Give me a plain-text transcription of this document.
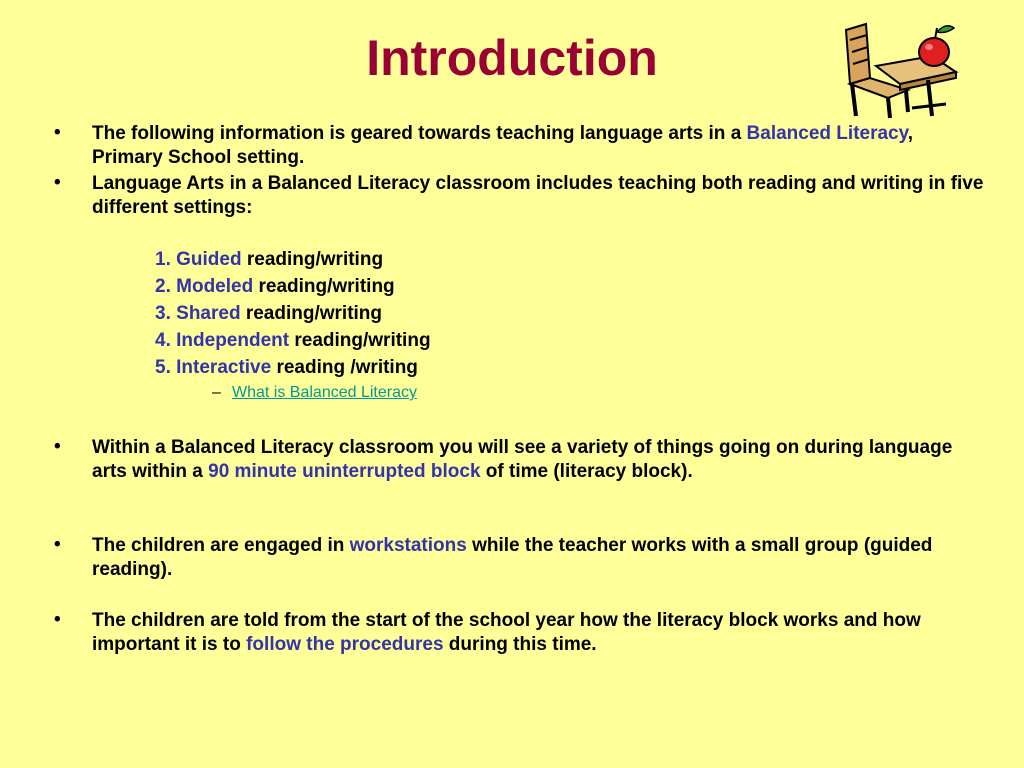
Introduction
• The following information is geared towards teaching language arts in a Balanced Literacy, Primary School setting.
• Language Arts in a Balanced Literacy classroom includes teaching both reading and writing in five different settings:
1. Guided reading/writing
2. Modeled reading/writing
3. Shared reading/writing
4. Independent reading/writing
5. Interactive reading /writing
– What is Balanced Literacy
• Within a Balanced Literacy classroom you will see a variety of things going on during language arts within a 90 minute uninterrupted block of time (literacy block).
• The children are engaged in workstations while the teacher works with a small group (guided reading).
• The children are told from the start of the school year how the literacy block works and how important it is to follow the procedures during this time.
